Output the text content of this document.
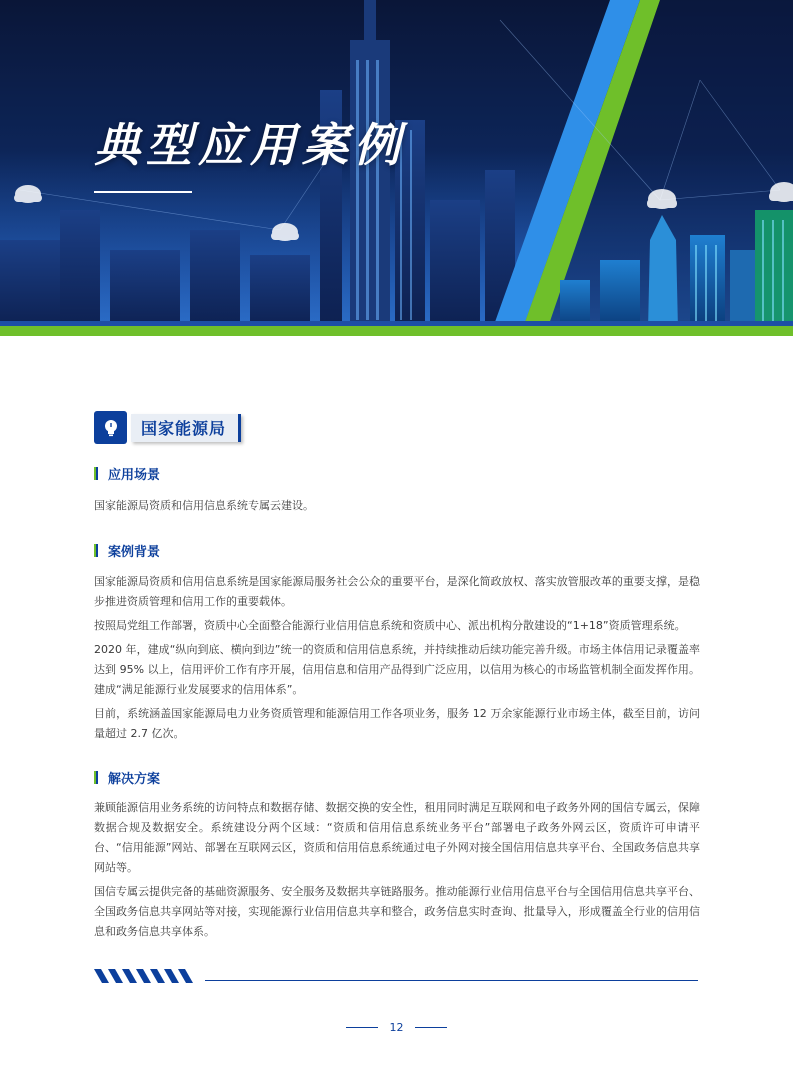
典型应用案例
国家能源局
应用场景

国家能源局资质和信用信息系统专属云建设。

案例背景

国家能源局资质和信用信息系统是国家能源局服务社会公众的重要平台，是深化简政放权、落实放管服改革的重要支撑，是稳步推进资质管理和信用工作的重要载体。

按照局党组工作部署，资质中心全面整合能源行业信用信息系统和资质中心、派出机构分散建设的“1+18”资质管理系统。

2020 年，建成“纵向到底、横向到边”统一的资质和信用信息系统，并持续推动后续功能完善升级。市场主体信用记录覆盖率达到 95% 以上，信用评价工作有序开展，信用信息和信用产品得到广泛应用，以信用为核心的市场监管机制全面发挥作用。建成“满足能源行业发展要求的信用体系”。

目前，系统涵盖国家能源局电力业务资质管理和能源信用工作各项业务，服务 12 万余家能源行业市场主体，截至目前，访问量超过 2.7 亿次。

解决方案

兼顾能源信用业务系统的访问特点和数据存储、数据交换的安全性，租用同时满足互联网和电子政务外网的国信专属云，保障数据合规及数据安全。系统建设分两个区域：“资质和信用信息系统业务平台”部署电子政务外网云区，资质许可申请平台、“信用能源”网站、部署在互联网云区，资质和信用信息系统通过电子外网对接全国信用信息共享平台、全国政务信息共享网站等。

国信专属云提供完备的基础资源服务、安全服务及数据共享链路服务。推动能源行业信用信息平台与全国信用信息共享平台、全国政务信息共享网站等对接，实现能源行业信用信息共享和整合，政务信息实时查询、批量导入，形成覆盖全行业的信用信息和政务信息共享体系。

12
